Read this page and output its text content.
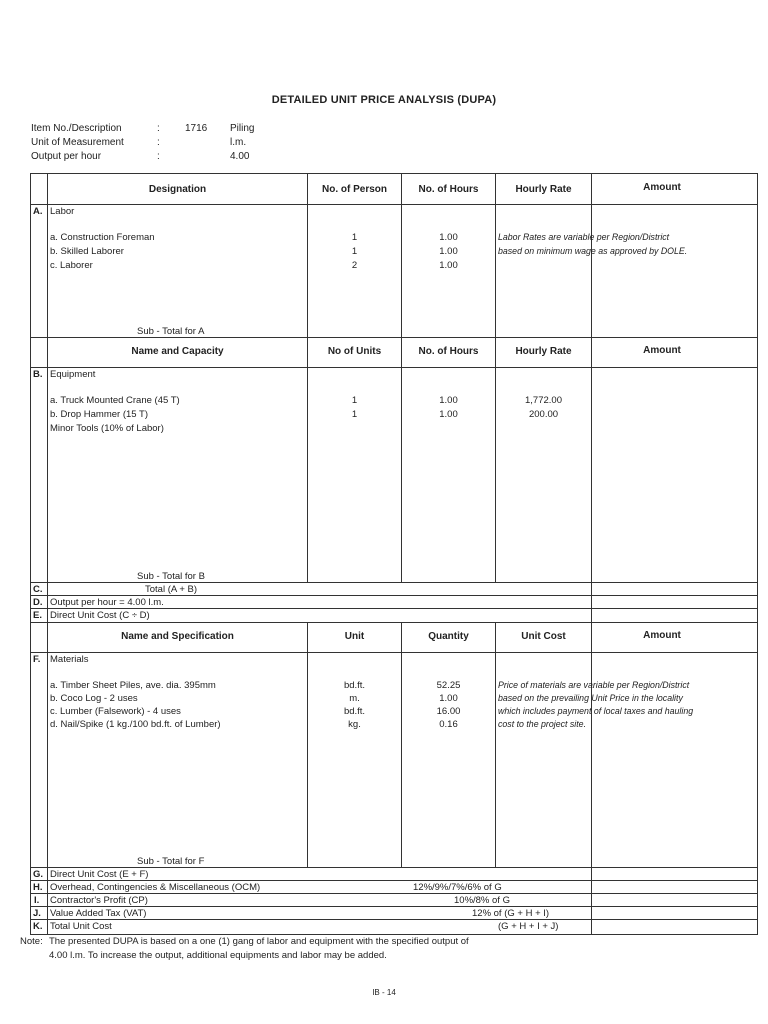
DETAILED UNIT PRICE ANALYSIS (DUPA)
Item No./Description	:	1716 Piling
Unit of Measurement	:	l.m.
Output per hour	:	4.00
Designation	No. of Person	No. of Hours	Hourly Rate	Amount
A. Labor
a. Construction Foreman	1	1.00
b. Skilled Laborer	1	1.00
c. Laborer	2	1.00
Labor Rates are variable per Region/District
based on minimum wage as approved by DOLE.
Sub - Total for A
Name and Capacity	No of Units	No. of Hours	Hourly Rate	Amount
B. Equipment
a. Truck Mounted Crane (45 T)	1	1.00	1,772.00
b. Drop Hammer (15 T)	1	1.00	200.00
Minor Tools (10% of Labor)
Sub - Total for B
C.	Total (A + B)
D. Output per hour = 4.00 l.m.
E. Direct Unit Cost (C ÷ D)
Name and Specification	Unit	Quantity	Unit Cost	Amount
F. Materials
a. Timber Sheet Piles, ave. dia. 395mm	bd.ft.	52.25
b. Coco Log - 2 uses	m.	1.00
c. Lumber (Falsework) - 4 uses	bd.ft.	16.00
d. Nail/Spike (1 kg./100 bd.ft. of Lumber)	kg.	0.16
Price of materials are variable per Region/District
based on the prevailing Unit Price in the locality
which includes payment of local taxes and hauling
cost to the project site.
Sub - Total for F
G. Direct Unit Cost (E + F)
H. Overhead, Contingencies & Miscellaneous (OCM)	12%/9%/7%/6% of G
I. Contractor's Profit (CP)	10%/8% of G
J. Value Added Tax (VAT)	12% of (G + H + I)
K. Total Unit Cost	(G + H + I + J)
Note: The presented DUPA is based on a one (1) gang of labor and equipment with the specified output of
4.00 l.m. To increase the output, additional equipments and labor may be added.
IB - 14
